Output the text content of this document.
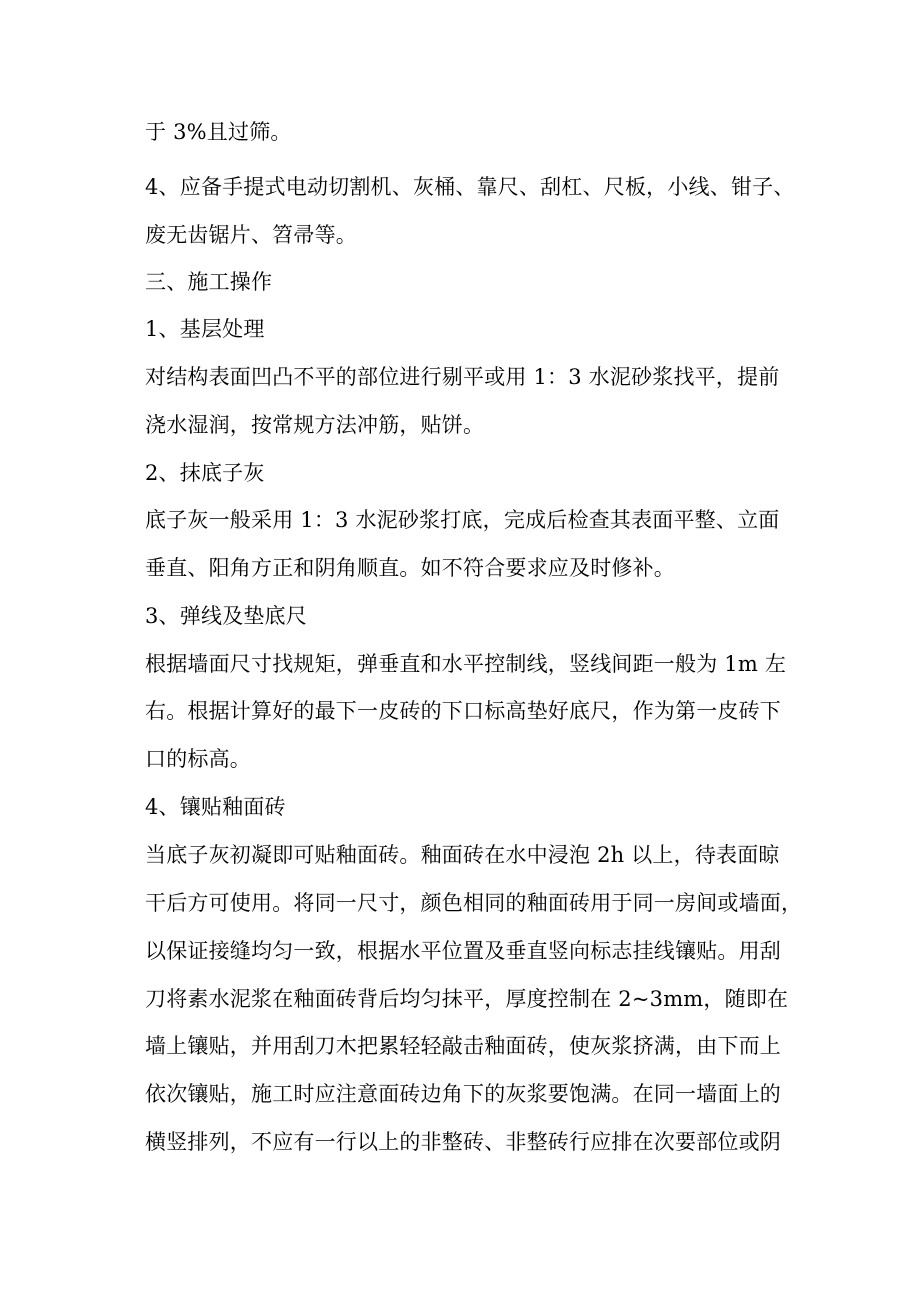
于 3%且过筛。
4、应备手提式电动切割机、灰桶、靠尺、刮杠、尺板，小线、钳子、
废无齿锯片、笤帚等。
三、施工操作
1、基层处理
对结构表面凹凸不平的部位进行剔平或用 1：3 水泥砂浆找平，提前
浇水湿润，按常规方法冲筋，贴饼。
2、抹底子灰
底子灰一般采用 1：3 水泥砂浆打底，完成后检查其表面平整、立面
垂直、阳角方正和阴角顺直。如不符合要求应及时修补。
3、弹线及垫底尺
根据墙面尺寸找规矩，弹垂直和水平控制线，竖线间距一般为 1m 左
右。根据计算好的最下一皮砖的下口标高垫好底尺，作为第一皮砖下
口的标高。
4、镶贴釉面砖
当底子灰初凝即可贴釉面砖。釉面砖在水中浸泡 2h 以上，待表面晾
干后方可使用。将同一尺寸，颜色相同的釉面砖用于同一房间或墙面，
以保证接缝均匀一致，根据水平位置及垂直竖向标志挂线镶贴。用刮
刀将素水泥浆在釉面砖背后均匀抹平，厚度控制在 2~3mm，随即在
墙上镶贴，并用刮刀木把累轻轻敲击釉面砖，使灰浆挤满，由下而上
依次镶贴，施工时应注意面砖边角下的灰浆要饱满。在同一墙面上的
横竖排列，不应有一行以上的非整砖、非整砖行应排在次要部位或阴
